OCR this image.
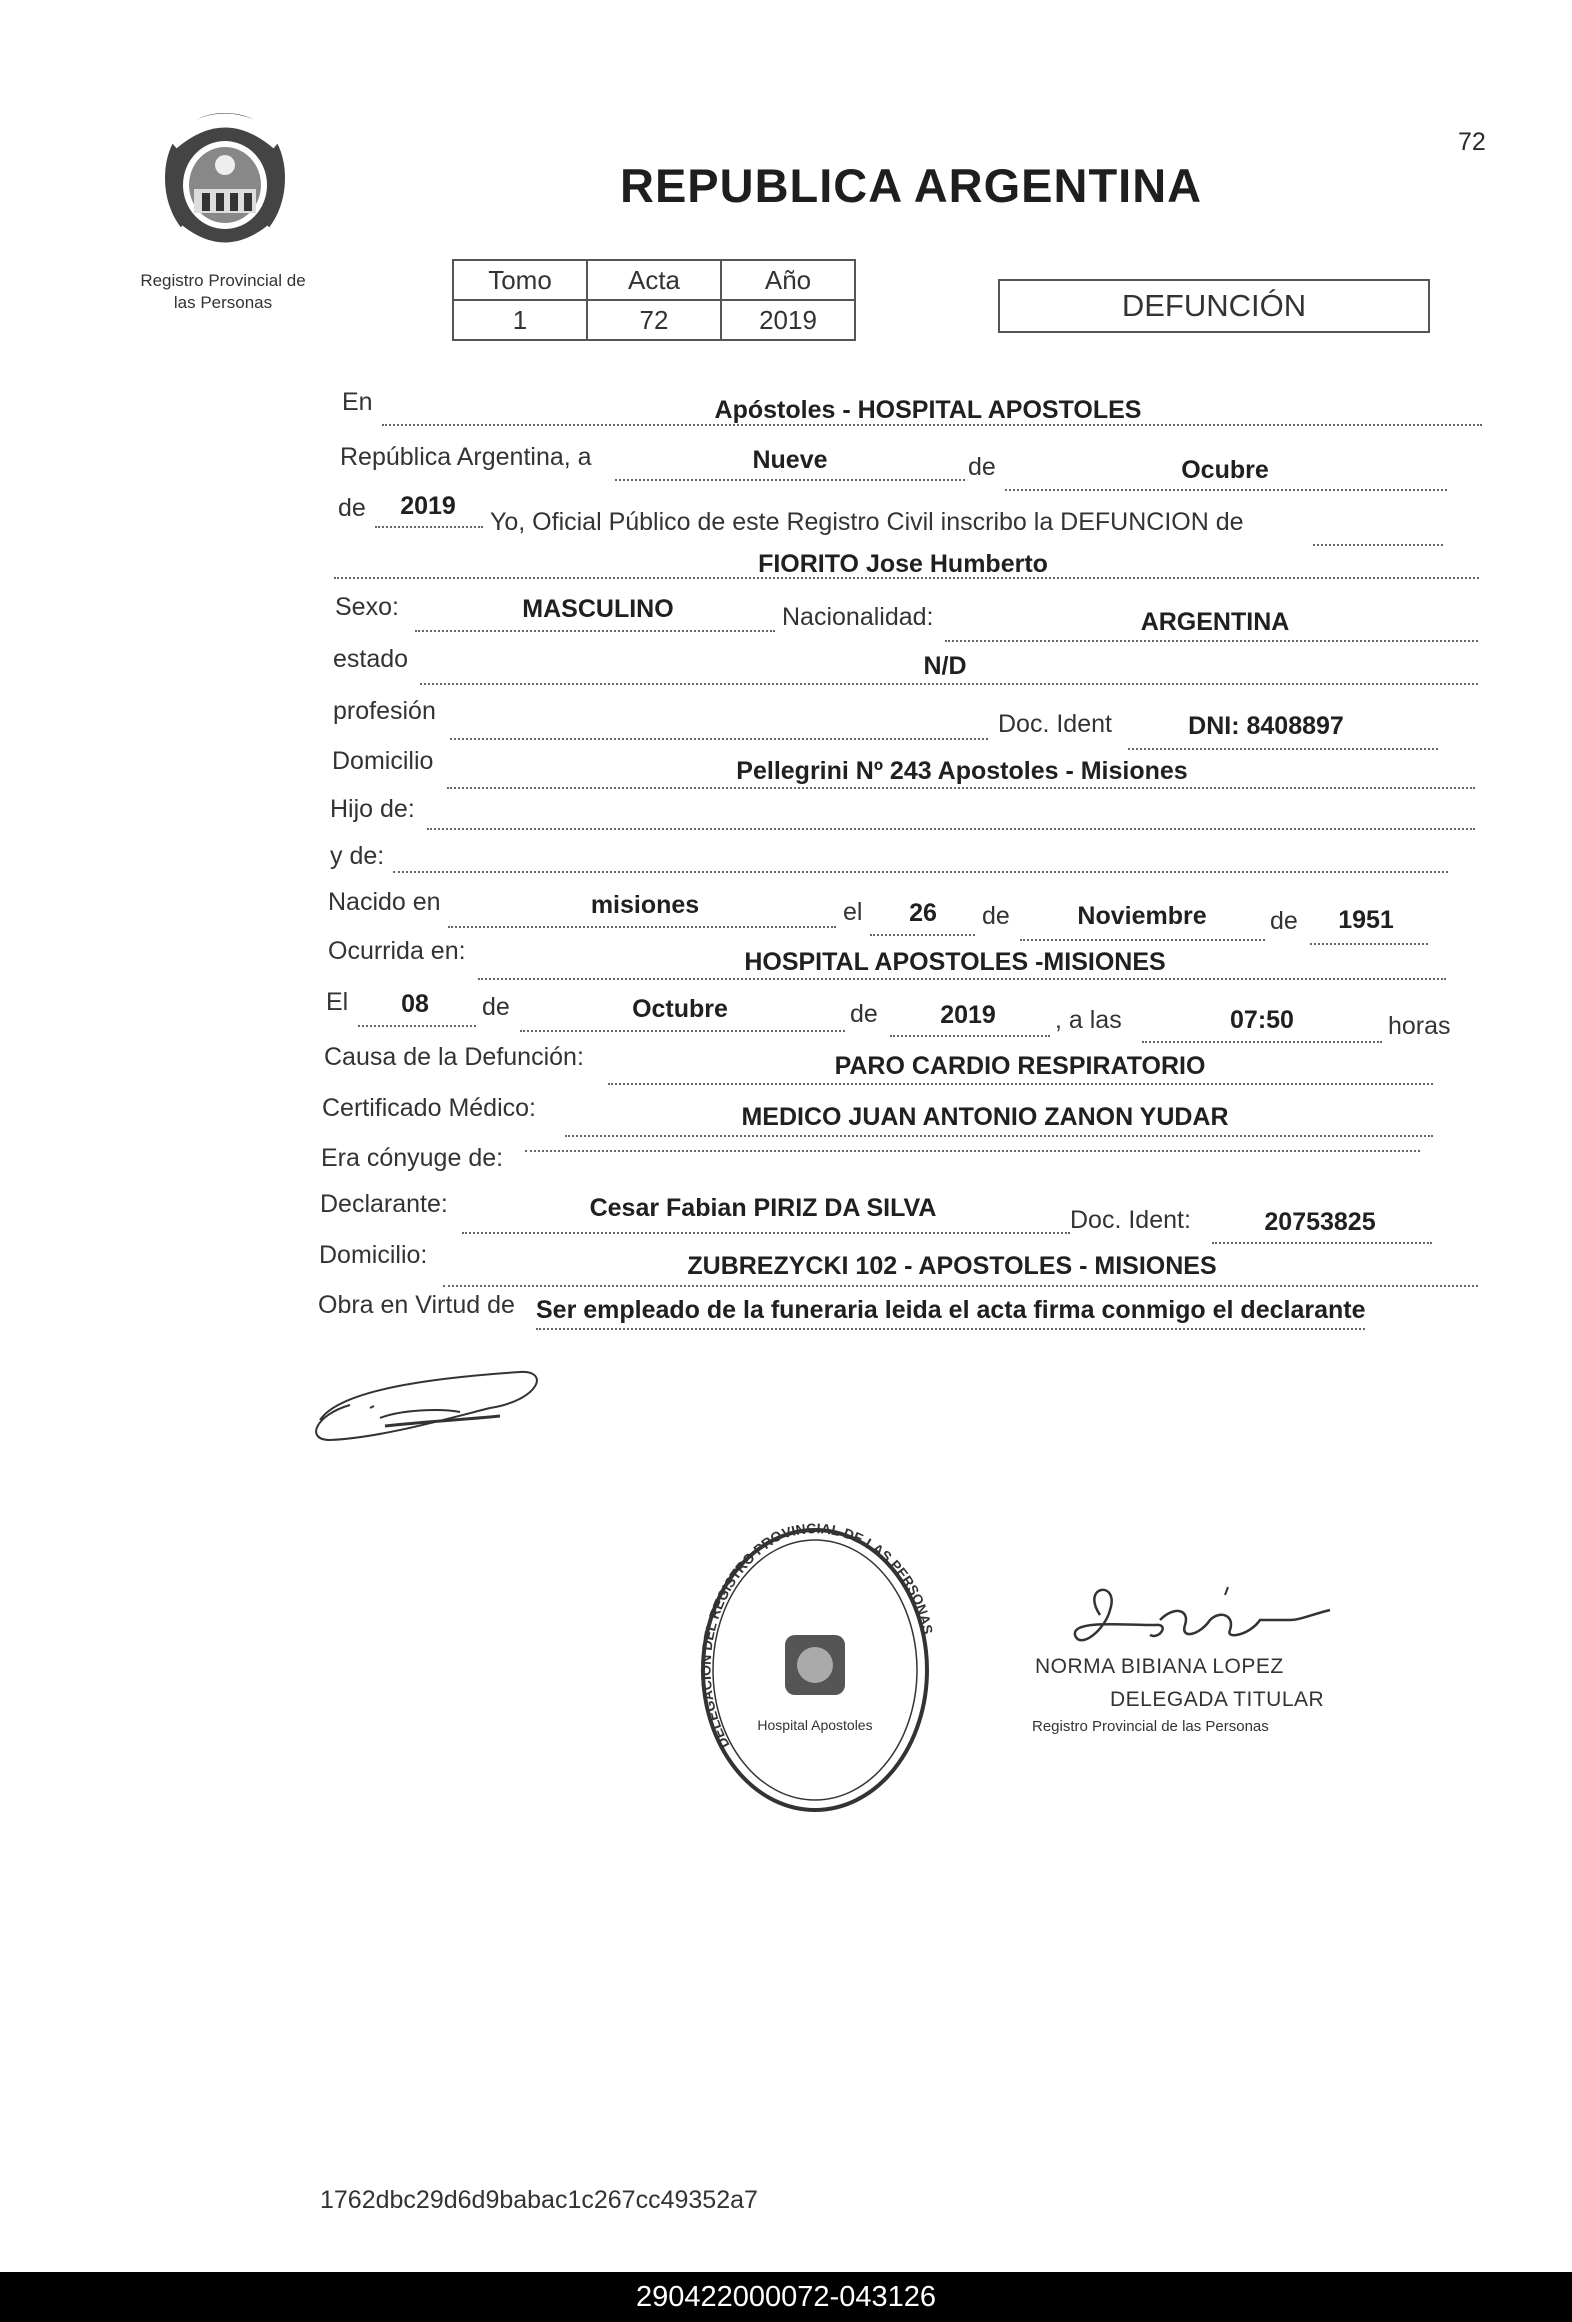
72
Registro Provincial de
las Personas
REPUBLICA ARGENTINA
Tomo	Acta	Año
1	72	2019	DEFUNCIÓN
En	Apóstoles - HOSPITAL APOSTOLES
República Argentina, a	Nueve	de	Ocubre
de 2019
Yo, Oficial Público de este Registro Civil inscribo la DEFUNCION de
FIORITO Jose Humberto
Sexo:	MASCULINO	Nacionalidad:	ARGENTINA
estado	N/D
profesión	Doc. Ident	DNI: 8408897
Domicilio	Pellegrini Nº 243 Apostoles - Misiones
Hijo de:
y de:
Nacido en	misiones	el 26 de	Noviembre	de 1951
Ocurrida en:	HOSPITAL APOSTOLES -MISIONES
El 08 de	Octubre	de 2019 , a las	07:50	horas
Causa de la Defunción:	PARO CARDIO RESPIRATORIO
Certificado Médico:	MEDICO JUAN ANTONIO ZANON YUDAR
Era cónyuge de:
Declarante:	Cesar Fabian PIRIZ DA SILVA	Doc. Ident:	20753825
Domicilio:	ZUBREZYCKI 102 - APOSTOLES - MISIONES
Obra en Virtud de Ser empleado de la funeraria leida el acta firma conmigo el declarante
DELEGACION DEL REGISTRO PROVINCIAL DE LAS PERSONAS
Hospital Apostoles
NORMA BIBIANA LOPEZ
DELEGADA TITULAR
Registro Provincial de las Personas
1762dbc29d6d9babac1c267cc49352a7
290422000072-043126
